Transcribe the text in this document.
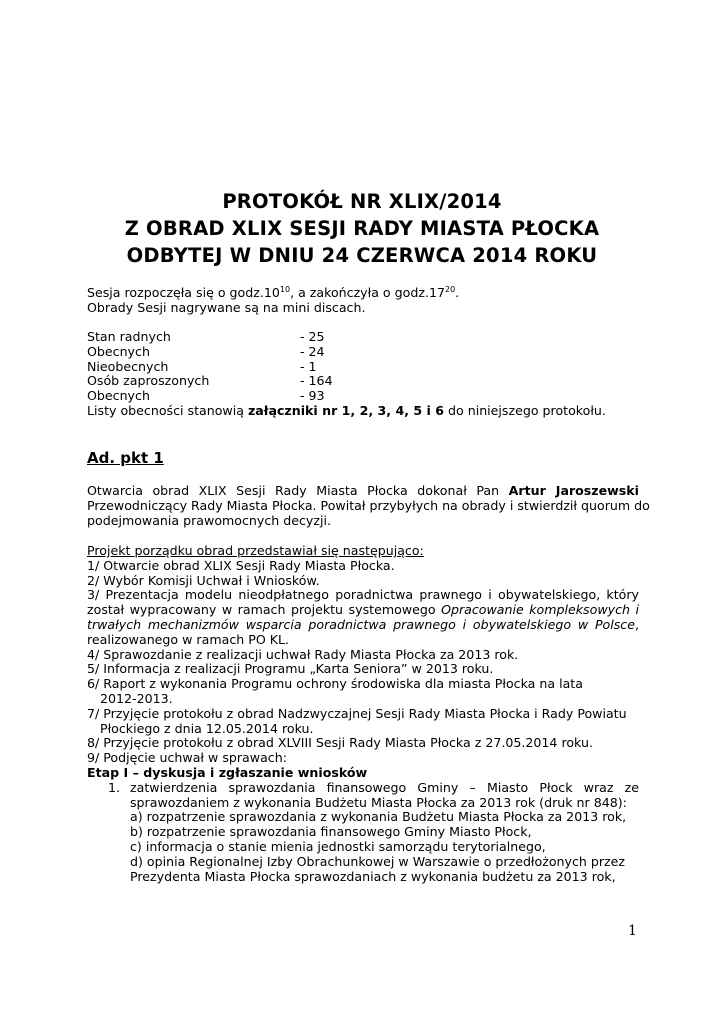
PROTOKÓŁ NR XLIX/2014
Z OBRAD XLIX SESJI RADY MIASTA PŁOCKA
ODBYTEJ W DNIU 24 CZERWCA 2014 ROKU
Sesja rozpoczęła się o $godz.10^{10}$, a zakończyła o $godz.17^{20}$.
Obrady Sesji nagrywane są na mini discach.
Stan radnych	- 25
Obecnych	- 24
Nieobecnych	- 1
Osób zaproszonych	- 164
Obecnych	- 93
Listy obecności stanowią załączniki nr 1, 2, 3, 4, 5 i 6 do niniejszego protokołu.
Ad. pkt 1
Otwarcia obrad XLIX Sesji Rady Miasta Płocka dokonał Pan Artur Jaroszewski
Przewodniczący Rady Miasta Płocka. Powitał przybyłych na obrady i stwierdził quorum do
podejmowania prawomocnych decyzji.
Projekt porządku obrad przedstawiał się następująco:
1/ Otwarcie obrad XLIX Sesji Rady Miasta Płocka.
2/ Wybór Komisji Uchwał i Wniosków.
3/ Prezentacja modelu nieodpłatnego poradnictwa prawnego i obywatelskiego, który
został wypracowany w ramach projektu systemowego Opracowanie kompleksowych i
trwałych mechanizmów wsparcia poradnictwa prawnego i obywatelskiego w Polsce,
realizowanego w ramach PO KL.
4/ Sprawozdanie z realizacji uchwał Rady Miasta Płocka za 2013 rok.
5/ Informacja z realizacji Programu „Karta Seniora” w 2013 roku.
6/ Raport z wykonania Programu ochrony środowiska dla miasta Płocka na lata
2012-2013.
7/ Przyjęcie protokołu z obrad Nadzwyczajnej Sesji Rady Miasta Płocka i Rady Powiatu
Płockiego z dnia 12.05.2014 roku.
8/ Przyjęcie protokołu z obrad XLVIII Sesji Rady Miasta Płocka z 27.05.2014 roku.
9/ Podjęcie uchwał w sprawach:
Etap I – dyskusja i zgłaszanie wniosków
1. zatwierdzenia sprawozdania finansowego Gminy – Miasto Płock wraz ze
sprawozdaniem z wykonania Budżetu Miasta Płocka za 2013 rok (druk nr 848):
a) rozpatrzenie sprawozdania z wykonania Budżetu Miasta Płocka za 2013 rok,
b) rozpatrzenie sprawozdania finansowego Gminy Miasto Płock,
c) informacja o stanie mienia jednostki samorządu terytorialnego,
d) opinia Regionalnej Izby Obrachunkowej w Warszawie o przedłożonych przez
Prezydenta Miasta Płocka sprawozdaniach z wykonania budżetu za 2013 rok,
1
